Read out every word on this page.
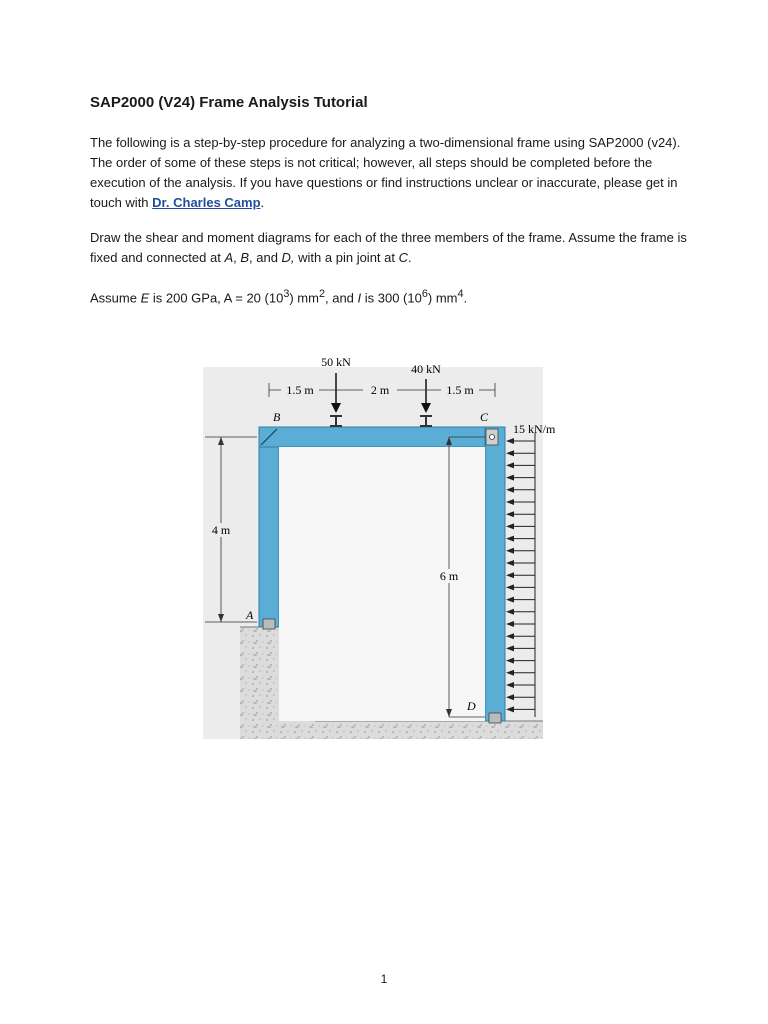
SAP2000 (V24) Frame Analysis Tutorial

The following is a step-by-step procedure for analyzing a two-dimensional frame using SAP2000 (v24). The order of some of these steps is not critical; however, all steps should be completed before the execution of the analysis. If you have questions or find instructions unclear or inaccurate, please get in touch with Dr. Charles Camp.

Draw the shear and moment diagrams for each of the three members of the frame. Assume the frame is fixed and connected at A, B, and D, with a pin joint at C.

Assume E is 200 GPa, A = 20 $(10^3)$ $mm^2$, and I is 300 $(10^6)$ $mm^4$.

1.5 m	2 m	1.5 m
50 kN	40 kN
B	C
A
D
4 m
6 m
15 kN/m
1
